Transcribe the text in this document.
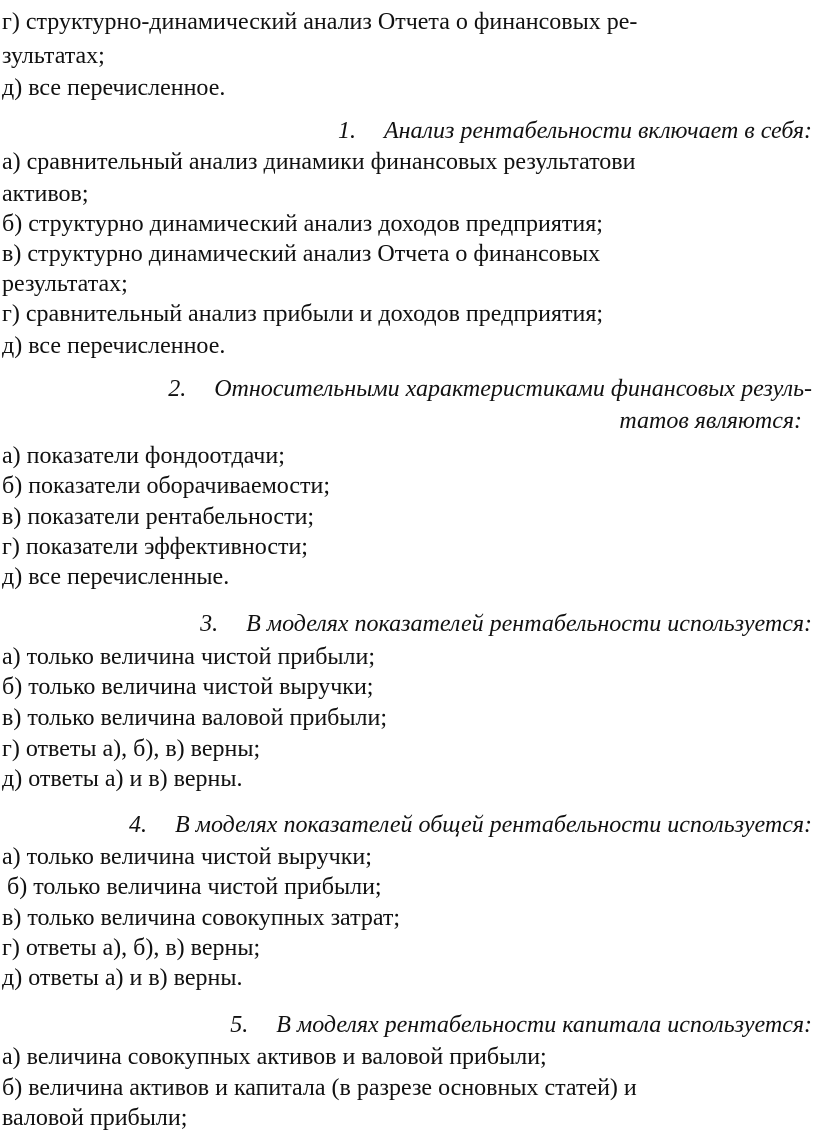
г) структурно-динамический анализ Отчета о финансовых ре-
зультатах;
д) все перечисленное.
1. Анализ рентабельности включает в себя:
а) сравнительный анализ динамики финансовых результатови
активов;
б) структурно динамический анализ доходов предприятия;
в) структурно динамический анализ Отчета о финансовых
результатах;
г) сравнительный анализ прибыли и доходов предприятия;
д) все перечисленное.
2. Относительными характеристиками финансовых резуль-
татов являются:
а) показатели фондоотдачи;
б) показатели оборачиваемости;
в) показатели рентабельности;
г) показатели эффективности;
д) все перечисленные.
3. В моделях показателей рентабельности используется:
а) только величина чистой прибыли;
б) только величина чистой выручки;
в) только величина валовой прибыли;
г) ответы а), б), в) верны;
д) ответы а) и в) верны.
4. В моделях показателей общей рентабельности используется:
а) только величина чистой выручки;
б) только величина чистой прибыли;
в) только величина совокупных затрат;
г) ответы а), б), в) верны;
д) ответы а) и в) верны.
5. В моделях рентабельности капитала используется:
а) величина совокупных активов и валовой прибыли;
б) величина активов и капитала (в разрезе основных статей) и
валовой прибыли;
